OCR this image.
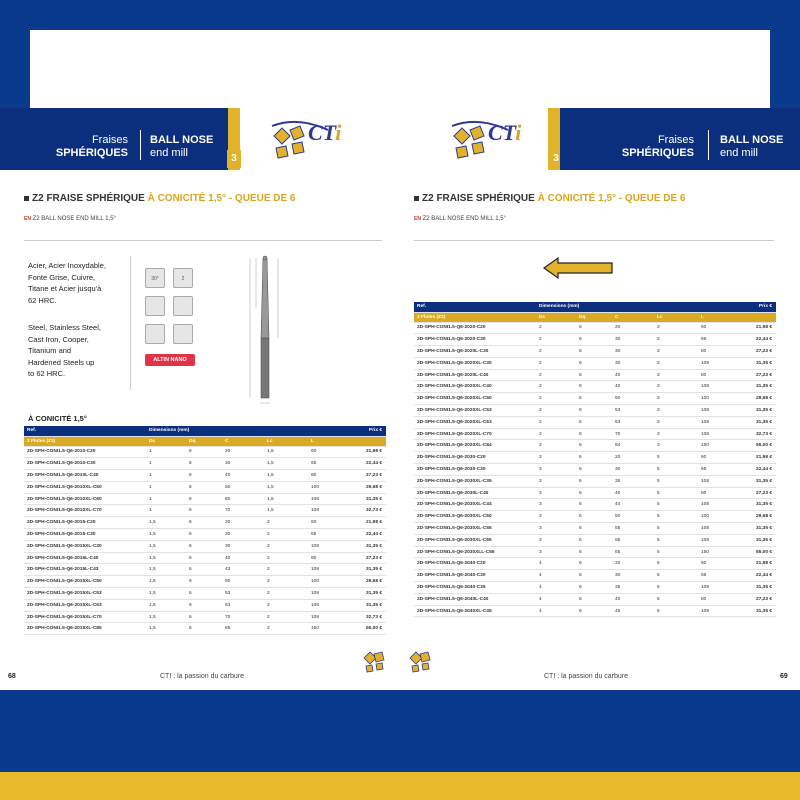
Fraises
SPHÉRIQUES
BALL NOSE
end mill	3
CTi
Z2 FRAISE SPHÉRIQUE À CONICITÉ 1,5° - QUEUE DE 6
EN Z2 BALL NOSE END MILL 1,5°
Acier, Acier Inoxydable,
Fonte Grise, Cuivre,
Titane et Acier jusqu'à
62 HRC.
Steel, Stainless Steel,
Cast Iron, Cooper,
Titanium and
Hardened Steels up
to 62 HRC.
30°	2
ALTIN NANO
À CONICITÉ 1,5°
Ref.	Dimensions (mm)					Prix €
2 Flutes (Z2)	Dc	Dq	C	Lc	L	
2D-SPH-CONI1.5-Q6-2010-C20	1	6	20	1,5	60	21,98 €
2D-SPH-CONI1.5-Q6-2010-C30	1	6	30	1,5	65	22,44 €
2D-SPH-CONI1.5-Q6-2010L-C40	1	6	40	1,5	80	27,23 €
2D-SPH-CONI1.5-Q6-2010XL-C50	1	6	50	1,5	100	29,68 €
2D-SPH-CONI1.5-Q6-2010XL-C60	1	6	60	1,5	108	31,35 €
2D-SPH-CONI1.5-Q6-2010XL-C70	1	6	70	1,5	108	32,73 €
2D-SPH-CONI1.5-Q6-2015-C20	1,5	6	20	2	60	21,98 €
2D-SPH-CONI1.5-Q6-2015-C30	1,5	6	30	2	65	22,44 €
2D-SPH-CONI1.5-Q6-2015XL-C30	1,5	6	30	2	108	31,35 €
2D-SPH-CONI1.5-Q6-2015L-C40	1,5	6	40	2	80	27,23 €
2D-SPH-CONI1.5-Q6-2015L-C43	1,5	6	43	2	108	31,35 €
2D-SPH-CONI1.5-Q6-2015XL-C50	1,5	6	50	2	100	29,68 €
2D-SPH-CONI1.5-Q6-2015XL-C53	1,5	6	53	2	108	31,35 €
2D-SPH-CONI1.5-Q6-2015XL-C63	1,5	6	63	2	108	31,35 €
2D-SPH-CONI1.5-Q6-2015XL-C70	1,5	6	70	2	108	32,73 €
2D-SPH-CONI1.5-Q6-2015XL-C85	1,5	6	85	2	150	55,00 €
68	CTI : la passion du carbure
3
Fraises
SPHÉRIQUES
BALL NOSE
end mill
CTi
Z2 FRAISE SPHÉRIQUE À CONICITÉ 1,5° - QUEUE DE 6
EN Z2 BALL NOSE END MILL 1,5°
Ref.	Dimensions (mm)					Prix €
2 Flutes (Z2)	Dc	Dq	C	Lc	L	
2D-SPH-CONI1.5-Q6-2020-C20	2	6	20	3	60	21,98 €
2D-SPH-CONI1.5-Q6-2020-C30	2	6	30	3	65	22,44 €
2D-SPH-CONI1.5-Q6-2020L-C30	2	6	30	3	80	27,23 €
2D-SPH-CONI1.5-Q6-2020XL-C30	2	6	30	3	108	31,35 €
2D-SPH-CONI1.5-Q6-2020L-C40	2	6	40	3	80	27,23 €
2D-SPH-CONI1.5-Q6-2020XL-C40	2	6	40	3	108	31,35 €
2D-SPH-CONI1.5-Q6-2020XL-C50	2	6	50	3	100	29,68 €
2D-SPH-CONI1.5-Q6-2020XL-C53	2	6	53	3	108	31,35 €
2D-SPH-CONI1.5-Q6-2020XL-C63	2	6	63	3	108	31,35 €
2D-SPH-CONI1.5-Q6-2020XL-C70	2	6	70	3	108	32,73 €
2D-SPH-CONI1.5-Q6-2020XL-C84	2	6	84	3	150	55,00 €
2D-SPH-CONI1.5-Q6-2030-C20	3	6	20	5	60	21,98 €
2D-SPH-CONI1.5-Q6-2030-C30	3	6	30	5	65	22,44 €
2D-SPH-CONI1.5-Q6-2030XL-C35	3	6	35	5	108	31,35 €
2D-SPH-CONI1.5-Q6-2030L-C40	3	6	40	5	80	27,23 €
2D-SPH-CONI1.5-Q6-2030XL-C44	3	6	44	5	108	31,35 €
2D-SPH-CONI1.5-Q6-2030XL-C50	3	6	50	5	100	29,68 €
2D-SPH-CONI1.5-Q6-2030XL-C55	3	6	55	5	108	31,35 €
2D-SPH-CONI1.5-Q6-2030XL-C65	3	6	65	5	108	31,35 €
2D-SPH-CONI1.5-Q6-2030XLL-C65	3	6	65	5	150	55,00 €
2D-SPH-CONI1.5-Q6-2040-C20	4	6	20	6	60	21,98 €
2D-SPH-CONI1.5-Q6-2040-C30	4	6	30	6	65	22,44 €
2D-SPH-CONI1.5-Q6-2040-C35	4	6	35	6	108	31,35 €
2D-SPH-CONI1.5-Q6-2040L-C40	4	6	40	6	80	27,23 €
2D-SPH-CONI1.5-Q6-2040XL-C45	4	6	45	6	108	31,35 €
CTI : la passion du carbure	69
